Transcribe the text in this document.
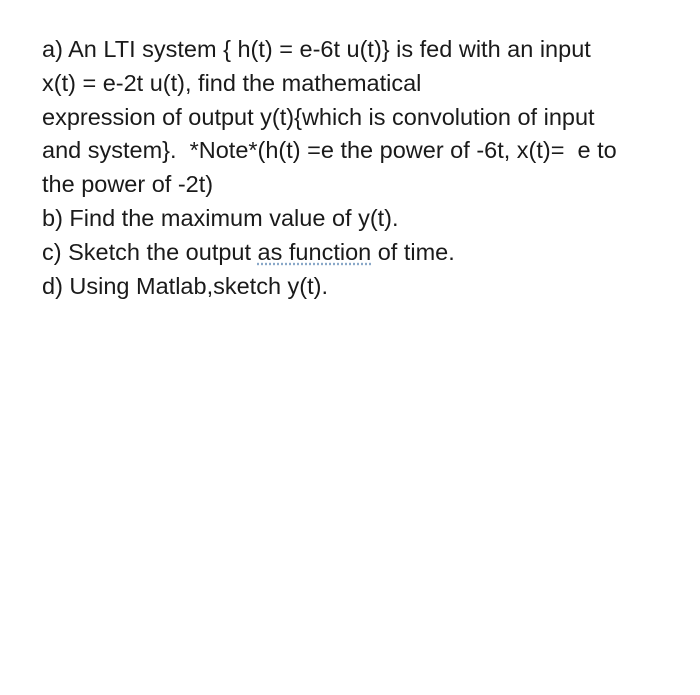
a) An LTI system { h(t) = e-6t u(t)} is fed with an input
x(t) = e-2t u(t), find the mathematical
expression of output y(t){which is convolution of input
and system}.  *Note*(h(t) =e the power of -6t, x(t)=  e to
the power of -2t)
b) Find the maximum value of y(t).
c) Sketch the output as function of time.
d) Using Matlab,sketch y(t).
